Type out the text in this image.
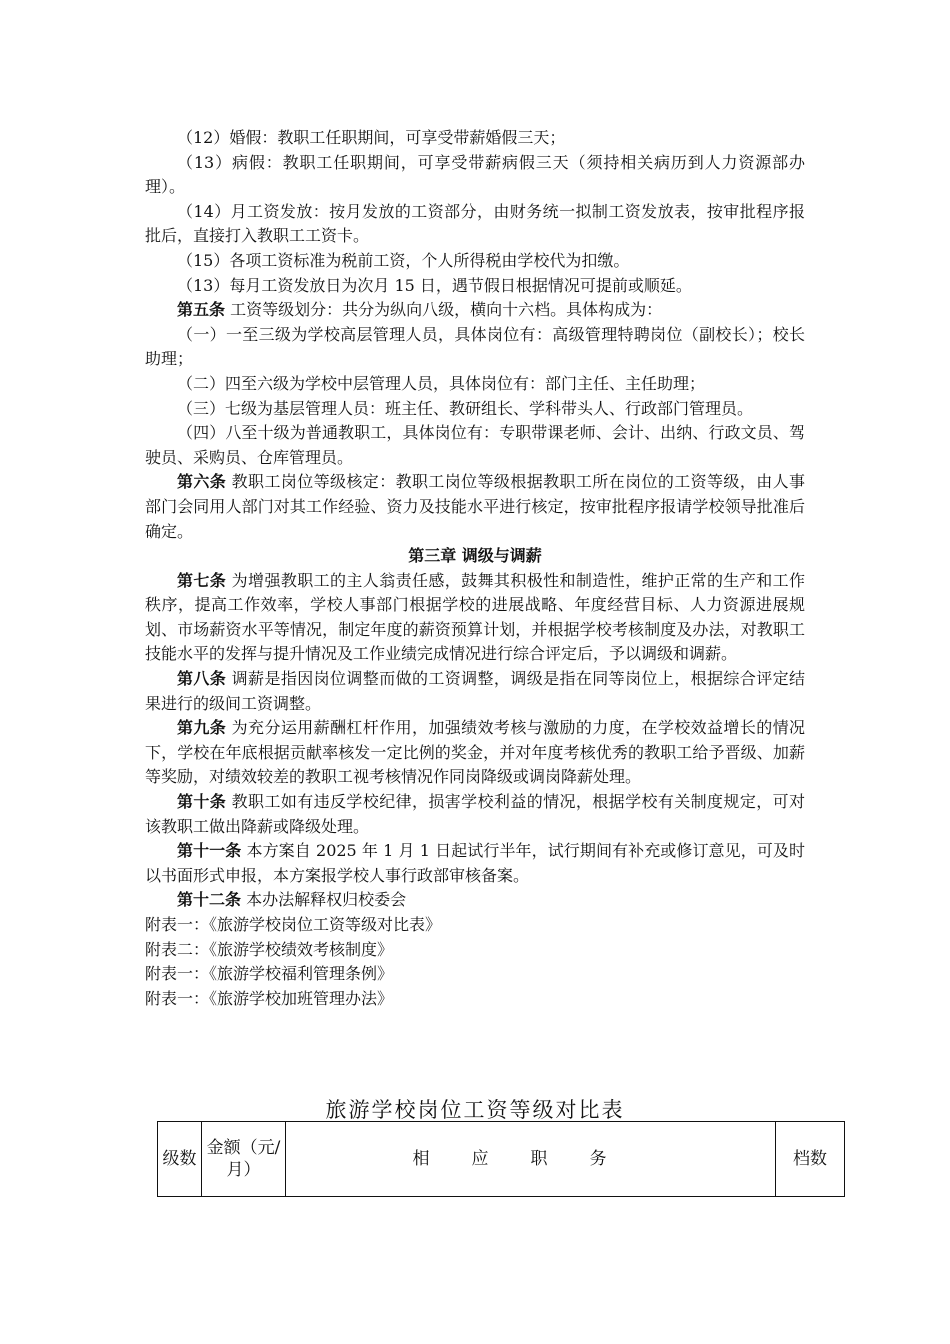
（12）婚假：教职工任职期间，可享受带薪婚假三天；

（13）病假：教职工任职期间，可享受带薪病假三天（须持相关病历到人力资源部办理）。

（14）月工资发放：按月发放的工资部分，由财务统一拟制工资发放表，按审批程序报批后，直接打入教职工工资卡。

（15）各项工资标准为税前工资，个人所得税由学校代为扣缴。

（13）每月工资发放日为次月 15 日，遇节假日根据情况可提前或顺延。

第五条 工资等级划分：共分为纵向八级，横向十六档。具体构成为：

（一）一至三级为学校高层管理人员，具体岗位有：高级管理特聘岗位（副校长）；校长助理；

（二）四至六级为学校中层管理人员，具体岗位有：部门主任、主任助理；

（三）七级为基层管理人员：班主任、教研组长、学科带头人、行政部门管理员。

（四）八至十级为普通教职工，具体岗位有：专职带课老师、会计、出纳、行政文员、驾驶员、采购员、仓库管理员。

第六条 教职工岗位等级核定：教职工岗位等级根据教职工所在岗位的工资等级，由人事部门会同用人部门对其工作经验、资力及技能水平进行核定，按审批程序报请学校领导批准后确定。

第三章 调级与调薪

第七条 为增强教职工的主人翁责任感，鼓舞其积极性和制造性，维护正常的生产和工作秩序，提高工作效率，学校人事部门根据学校的进展战略、年度经营目标、人力资源进展规划、市场薪资水平等情况，制定年度的薪资预算计划，并根据学校考核制度及办法，对教职工技能水平的发挥与提升情况及工作业绩完成情况进行综合评定后，予以调级和调薪。

第八条 调薪是指因岗位调整而做的工资调整，调级是指在同等岗位上，根据综合评定结果进行的级间工资调整。

第九条 为充分运用薪酬杠杆作用，加强绩效考核与激励的力度，在学校效益增长的情况下，学校在年底根据贡献率核发一定比例的奖金，并对年度考核优秀的教职工给予晋级、加薪等奖励，对绩效较差的教职工视考核情况作同岗降级或调岗降薪处理。

第十条 教职工如有违反学校纪律，损害学校利益的情况，根据学校有关制度规定，可对该教职工做出降薪或降级处理。

第十一条 本方案自 2025 年 1 月 1 日起试行半年，试行期间有补充或修订意见，可及时以书面形式申报，本方案报学校人事行政部审核备案。

第十二条 本办法解释权归校委会

附表一：《旅游学校岗位工资等级对比表》

附表二：《旅游学校绩效考核制度》

附表一：《旅游学校福利管理条例》

附表一：《旅游学校加班管理办法》

旅游学校岗位工资等级对比表
级数	金额（元/月）	相应职务	档数
